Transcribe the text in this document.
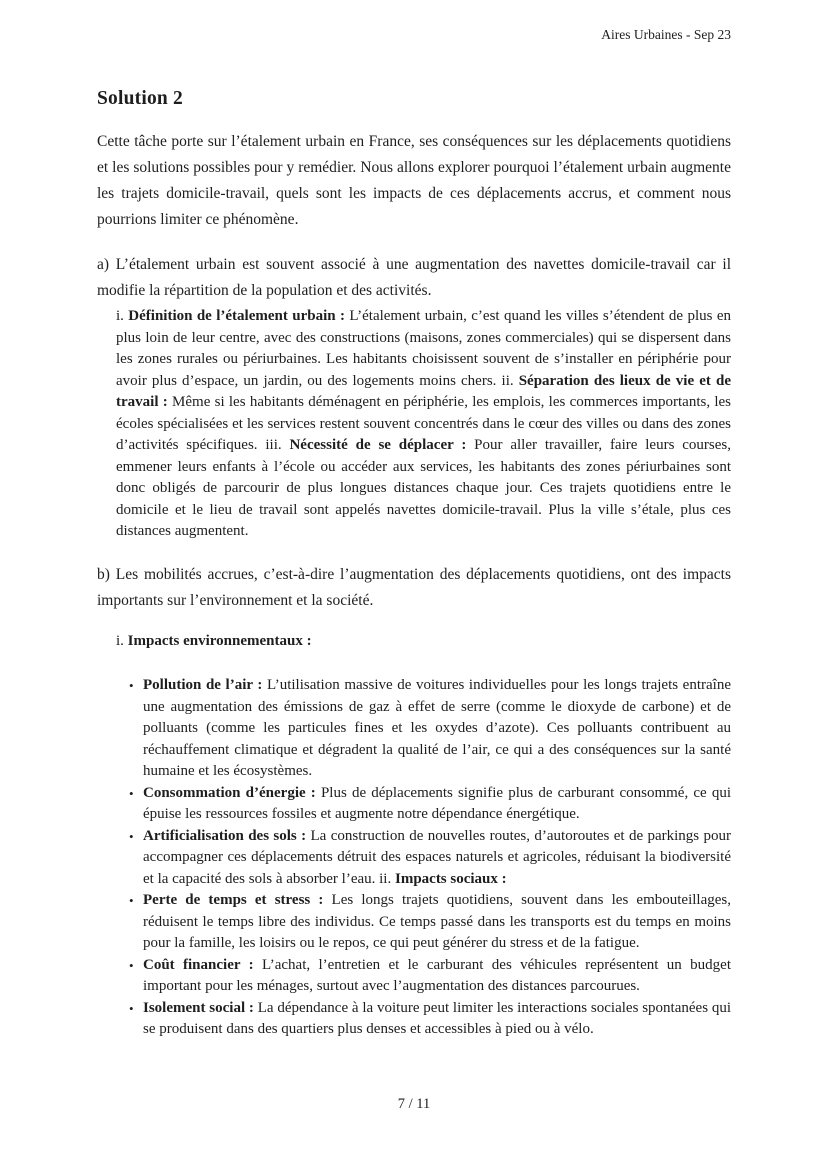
Aires Urbaines - Sep 23
Solution 2

Cette tâche porte sur l’étalement urbain en France, ses conséquences sur les déplacements quotidiens et les solutions possibles pour y remédier. Nous allons explorer pourquoi l’étalement urbain augmente les trajets domicile-travail, quels sont les impacts de ces déplacements accrus, et comment nous pourrions limiter ce phénomène.

a) L’étalement urbain est souvent associé à une augmentation des navettes domicile-travail car il modifie la répartition de la population et des activités.

i. Définition de l’étalement urbain : L’étalement urbain, c’est quand les villes s’étendent de plus en plus loin de leur centre, avec des constructions (maisons, zones commerciales) qui se dispersent dans les zones rurales ou périurbaines. Les habitants choisissent souvent de s’installer en périphérie pour avoir plus d’espace, un jardin, ou des logements moins chers. ii. Séparation des lieux de vie et de travail : Même si les habitants déménagent en périphérie, les emplois, les commerces importants, les écoles spécialisées et les services restent souvent concentrés dans le cœur des villes ou dans des zones d’activités spécifiques. iii. Nécessité de se déplacer : Pour aller travailler, faire leurs courses, emmener leurs enfants à l’école ou accéder aux services, les habitants des zones périurbaines sont donc obligés de parcourir de plus longues distances chaque jour. Ces trajets quotidiens entre le domicile et le lieu de travail sont appelés navettes domicile-travail. Plus la ville s’étale, plus ces distances augmentent.

b) Les mobilités accrues, c’est-à-dire l’augmentation des déplacements quotidiens, ont des impacts importants sur l’environnement et la société.

i. Impacts environnementaux :

• Pollution de l’air : L’utilisation massive de voitures individuelles pour les longs trajets entraîne une augmentation des émissions de gaz à effet de serre (comme le dioxyde de carbone) et de polluants (comme les particules fines et les oxydes d’azote). Ces polluants contribuent au réchauffement climatique et dégradent la qualité de l’air, ce qui a des conséquences sur la santé humaine et les écosystèmes.
• Consommation d’énergie : Plus de déplacements signifie plus de carburant consommé, ce qui épuise les ressources fossiles et augmente notre dépendance énergétique.
• Artificialisation des sols : La construction de nouvelles routes, d’autoroutes et de parkings pour accompagner ces déplacements détruit des espaces naturels et agricoles, réduisant la biodiversité et la capacité des sols à absorber l’eau. ii. Impacts sociaux :
• Perte de temps et stress : Les longs trajets quotidiens, souvent dans les embouteillages, réduisent le temps libre des individus. Ce temps passé dans les transports est du temps en moins pour la famille, les loisirs ou le repos, ce qui peut générer du stress et de la fatigue.
• Coût financier : L’achat, l’entretien et le carburant des véhicules représentent un budget important pour les ménages, surtout avec l’augmentation des distances parcourues.
• Isolement social : La dépendance à la voiture peut limiter les interactions sociales spontanées qui se produisent dans des quartiers plus denses et accessibles à pied ou à vélo.
7 / 11
